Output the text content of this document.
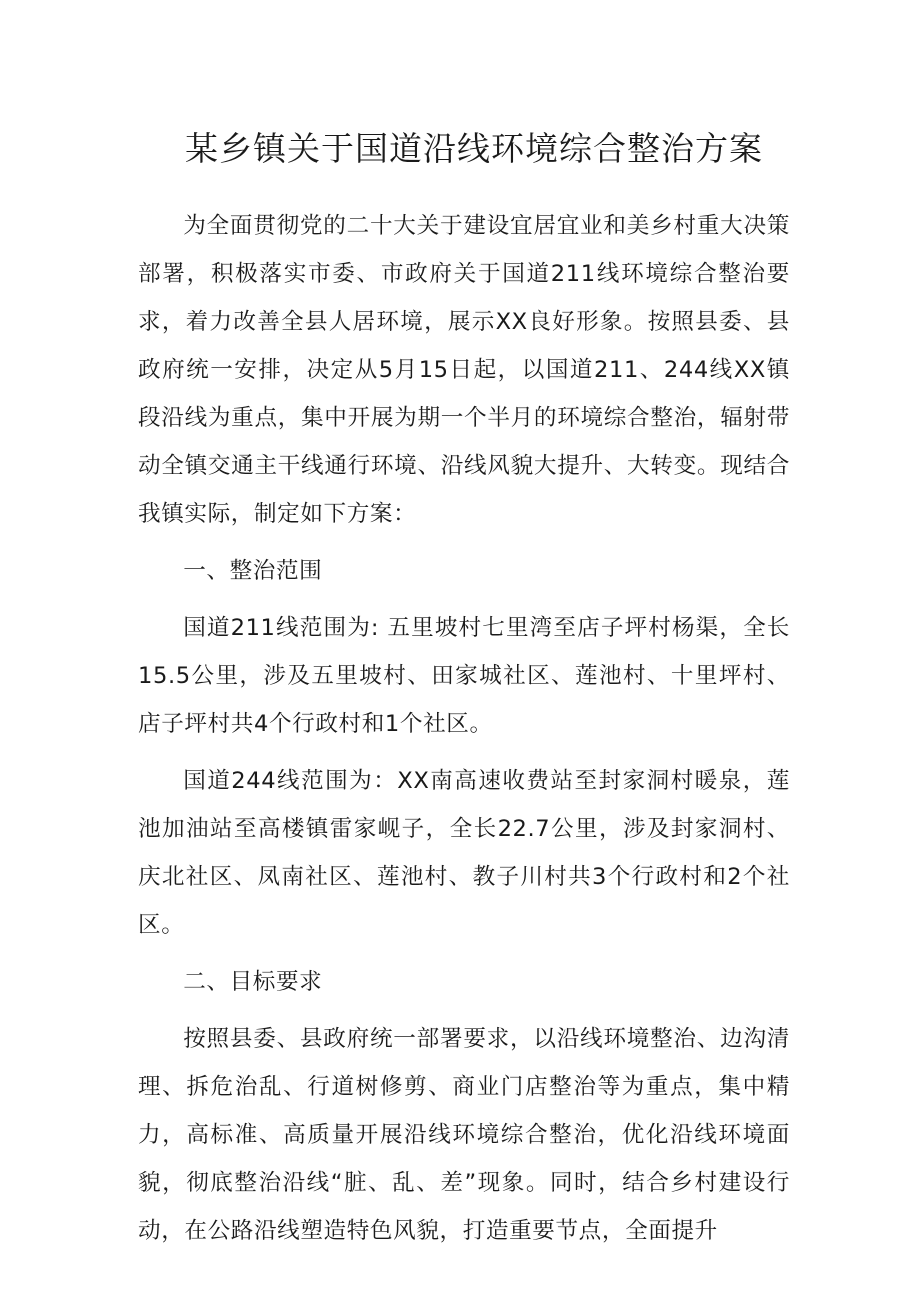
某乡镇关于国道沿线环境综合整治方案

为全面贯彻党的二十大关于建设宜居宜业和美乡村重大决策部署，积极落实市委、市政府关于国道211线环境综合整治要求，着力改善全县人居环境，展示XX良好形象。按照县委、县政府统一安排，决定从5月15日起，以国道211、244线XX镇段沿线为重点，集中开展为期一个半月的环境综合整治，辐射带动全镇交通主干线通行环境、沿线风貌大提升、大转变。现结合我镇实际，制定如下方案：

一、整治范围

国道211线范围为: 五里坡村七里湾至店子坪村杨渠，全长15.5公里，涉及五里坡村、田家城社区、莲池村、十里坪村、店子坪村共4个行政村和1个社区。

国道244线范围为：XX南高速收费站至封家洞村暖泉，莲池加油站至高楼镇雷家岘子，全长22.7公里，涉及封家洞村、庆北社区、凤南社区、莲池村、教子川村共3个行政村和2个社区。

二、目标要求

按照县委、县政府统一部署要求，以沿线环境整治、边沟清理、拆危治乱、行道树修剪、商业门店整治等为重点，集中精力，高标准、高质量开展沿线环境综合整治，优化沿线环境面貌，彻底整治沿线“脏、乱、差”现象。同时，结合乡村建设行动，在公路沿线塑造特色风貌，打造重要节点，全面提升
